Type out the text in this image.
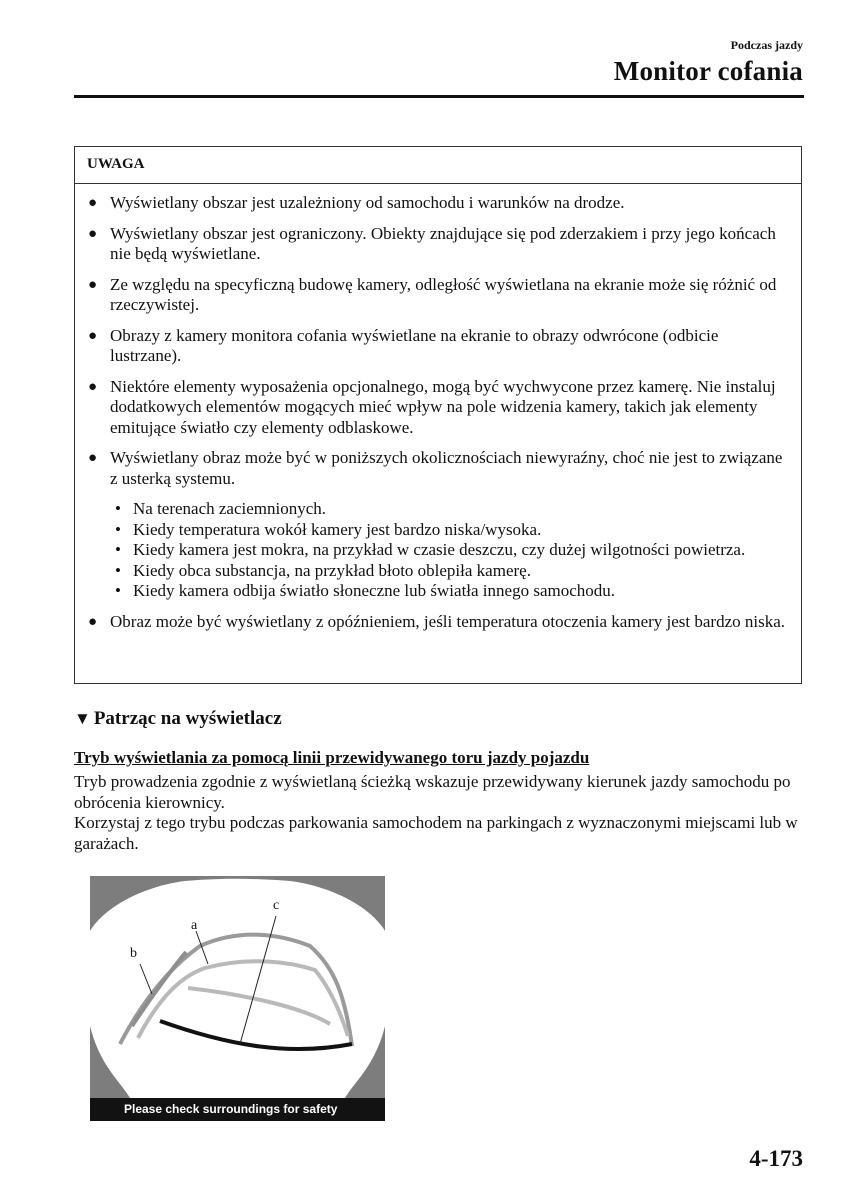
Podczas jazdy
Monitor cofania
UWAGA
● Wyświetlany obszar jest uzależniony od samochodu i warunków na drodze.
● Wyświetlany obszar jest ograniczony. Obiekty znajdujące się pod zderzakiem i przy jego końcach nie będą wyświetlane.
● Ze względu na specyficzną budowę kamery, odległość wyświetlana na ekranie może się różnić od rzeczywistej.
● Obrazy z kamery monitora cofania wyświetlane na ekranie to obrazy odwrócone (odbicie lustrzane).
● Niektóre elementy wyposażenia opcjonalnego, mogą być wychwycone przez kamerę. Nie instaluj dodatkowych elementów mogących mieć wpływ na pole widzenia kamery, takich jak elementy emitujące światło czy elementy odblaskowe.
● Wyświetlany obraz może być w poniższych okolicznościach niewyraźny, choć nie jest to związane z usterką systemu.
• Na terenach zaciemnionych.
• Kiedy temperatura wokół kamery jest bardzo niska/wysoka.
• Kiedy kamera jest mokra, na przykład w czasie deszczu, czy dużej wilgotności powietrza.
• Kiedy obca substancja, na przykład błoto oblepiła kamerę.
• Kiedy kamera odbija światło słoneczne lub światła innego samochodu.
● Obraz może być wyświetlany z opóźnieniem, jeśli temperatura otoczenia kamery jest bardzo niska.
▼ Patrząc na wyświetlacz
Tryb wyświetlania za pomocą linii przewidywanego toru jazdy pojazdu

Tryb prowadzenia zgodnie z wyświetlaną ścieżką wskazuje przewidywany kierunek jazdy samochodu po obrócenia kierownicy.

Korzystaj z tego trybu podczas parkowania samochodem na parkingach z wyznaczonymi miejscami lub w garażach.

b
a
c
Please check surroundings for safety
4-173
